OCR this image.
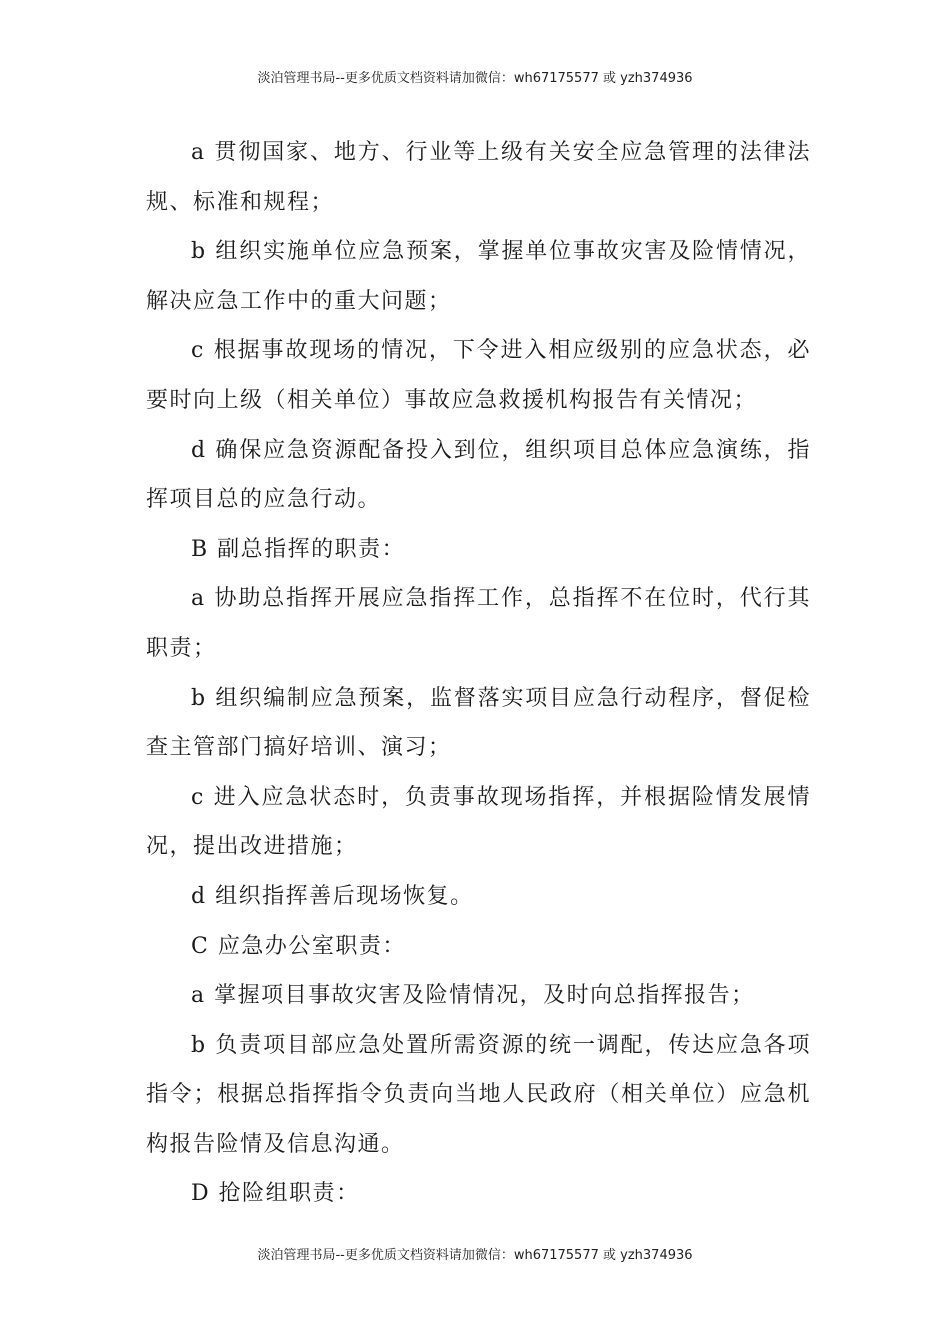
淡泊管理书局--更多优质文档资料请加微信：wh67175577 或 yzh374936

a 贯彻国家、地方、行业等上级有关安全应急管理的法律法规、标准和规程；

b 组织实施单位应急预案，掌握单位事故灾害及险情情况，解决应急工作中的重大问题；

c 根据事故现场的情况，下令进入相应级别的应急状态，必要时向上级（相关单位）事故应急救援机构报告有关情况；

d 确保应急资源配备投入到位，组织项目总体应急演练，指挥项目总的应急行动。

B 副总指挥的职责：

a 协助总指挥开展应急指挥工作，总指挥不在位时，代行其职责；

b 组织编制应急预案，监督落实项目应急行动程序，督促检查主管部门搞好培训、演习；

c 进入应急状态时，负责事故现场指挥，并根据险情发展情况，提出改进措施；

d 组织指挥善后现场恢复。

C 应急办公室职责：

a 掌握项目事故灾害及险情情况，及时向总指挥报告；

b 负责项目部应急处置所需资源的统一调配，传达应急各项指令；根据总指挥指令负责向当地人民政府（相关单位）应急机构报告险情及信息沟通。

D 抢险组职责：

淡泊管理书局--更多优质文档资料请加微信：wh67175577 或 yzh374936
